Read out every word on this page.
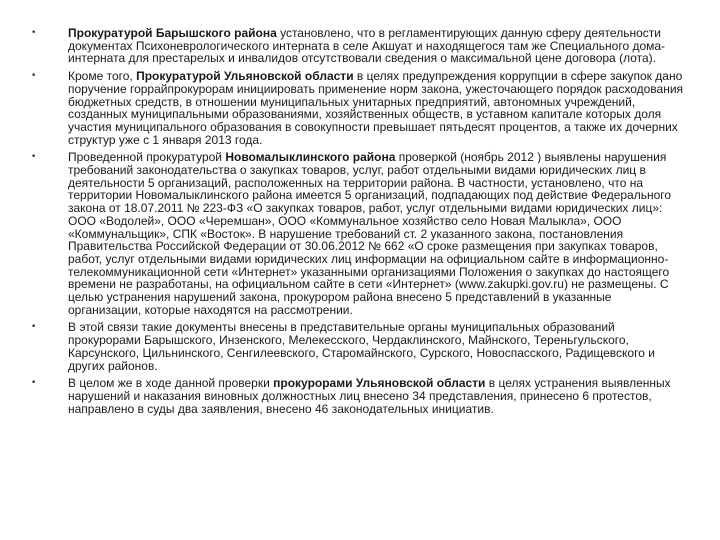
•	Прокуратурой Барышского района установлено, что в регламентирующих данную сферу деятельности документах Психоневрологического интерната в селе Акшуат и находящегося там же Специального дома-интерната для престарелых и инвалидов отсутствовали сведения о максимальной цене договора (лота).
•	Кроме того, Прокуратурой Ульяновской области в целях предупреждения коррупции в сфере закупок дано поручение горрайпрокурорам инициировать применение норм закона, ужесточающего порядок расходования бюджетных средств, в отношении муниципальных унитарных предприятий, автономных учреждений, созданных муниципальными образованиями, хозяйственных обществ, в уставном капитале которых доля участия муниципального образования в совокупности превышает пятьдесят процентов, а также их дочерних структур уже с 1 января 2013 года.
•	Проведенной прокуратурой Новомалыклинского района проверкой (ноябрь 2012 ) выявлены нарушения требований законодательства о закупках товаров, услуг, работ отдельными видами юридических лиц в деятельности 5 организаций, расположенных на территории района. В частности, установлено, что на территории Новомалыклинского района имеется 5 организаций, подпадающих под действие Федерального закона от 18.07.2011 № 223-ФЗ «О закупках товаров, работ, услуг отдельными видами юридических лиц»: ООО «Водолей», ООО «Черемшан», ООО «Коммунальное хозяйство село Новая Малыкла», ООО «Коммунальщик», СПК «Восток». В нарушение требований ст. 2 указанного закона, постановления Правительства Российской Федерации от 30.06.2012 № 662 «О сроке размещения при закупках товаров, работ, услуг отдельными видами юридических лиц информации на официальном сайте в информационно-телекоммуникационной сети «Интернет» указанными организациями Положения о закупках до настоящего времени не разработаны, на официальном сайте в сети «Интернет» (www.zakupki.gov.ru) не размещены. С целью устранения нарушений закона, прокурором района внесено 5 представлений в указанные организации, которые находятся на рассмотрении.
•	В этой связи такие документы внесены в представительные органы муниципальных образований прокурорами Барышского, Инзенского, Мелекесского, Чердаклинского, Майнского, Тереньгульского, Карсунского, Цильнинского, Сенгилеевского, Старомайнского, Сурского, Новоспасского, Радищевского и других районов.
•	В целом же в ходе данной проверки прокурорами Ульяновской области в целях устранения выявленных нарушений и наказания виновных должностных лиц внесено 34 представления, принесено 6 протестов, направлено в суды два заявления, внесено 46 законодательных инициатив.
